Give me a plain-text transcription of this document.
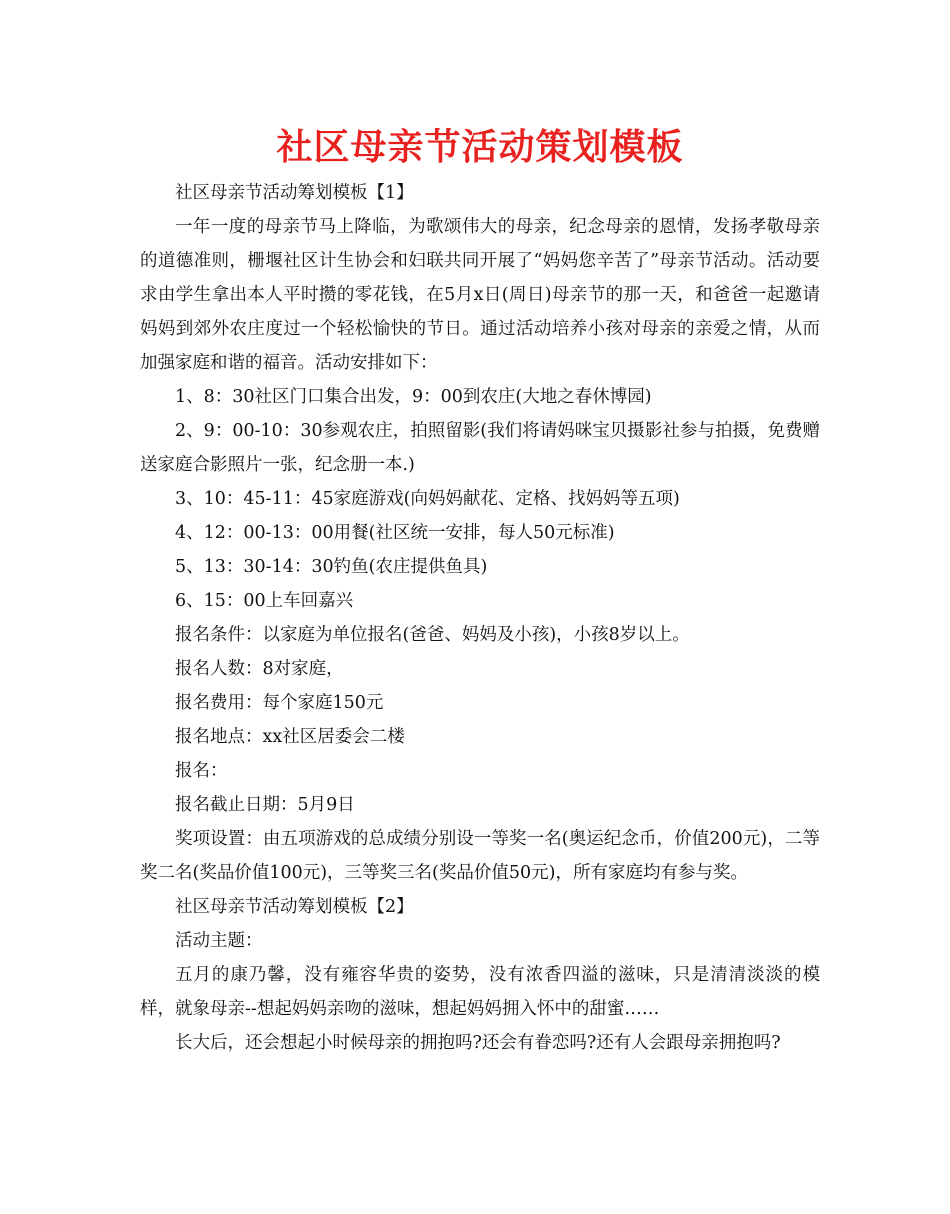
社区母亲节活动策划模板

社区母亲节活动筹划模板【1】

一年一度的母亲节马上降临，为歌颂伟大的母亲，纪念母亲的恩情，发扬孝敬母亲的道德准则，栅堰社区计生协会和妇联共同开展了“妈妈您辛苦了”母亲节活动。活动要求由学生拿出本人平时攒的零花钱，在5月x日(周日)母亲节的那一天，和爸爸一起邀请妈妈到郊外农庄度过一个轻松愉快的节日。通过活动培养小孩对母亲的亲爱之情，从而加强家庭和谐的福音。活动安排如下：

1、8：30社区门口集合出发，9：00到农庄(大地之春休博园)

2、9：00-10：30参观农庄，拍照留影(我们将请妈咪宝贝摄影社参与拍摄，免费赠送家庭合影照片一张，纪念册一本.)

3、10：45-11：45家庭游戏(向妈妈献花、定格、找妈妈等五项)

4、12：00-13：00用餐(社区统一安排，每人50元标准)

5、13：30-14：30钓鱼(农庄提供鱼具)

6、15：00上车回嘉兴

报名条件：以家庭为单位报名(爸爸、妈妈及小孩)，小孩8岁以上。

报名人数：8对家庭，

报名费用：每个家庭150元

报名地点：xx社区居委会二楼

报名：

报名截止日期：5月9日

奖项设置：由五项游戏的总成绩分别设一等奖一名(奥运纪念币，价值200元)，二等奖二名(奖品价值100元)，三等奖三名(奖品价值50元)，所有家庭均有参与奖。

社区母亲节活动筹划模板【2】

活动主题：

五月的康乃馨，没有雍容华贵的姿势，没有浓香四溢的滋味，只是清清淡淡的模样，就象母亲--想起妈妈亲吻的滋味，想起妈妈拥入怀中的甜蜜……

长大后，还会想起小时候母亲的拥抱吗?还会有眷恋吗?还有人会跟母亲拥抱吗?
